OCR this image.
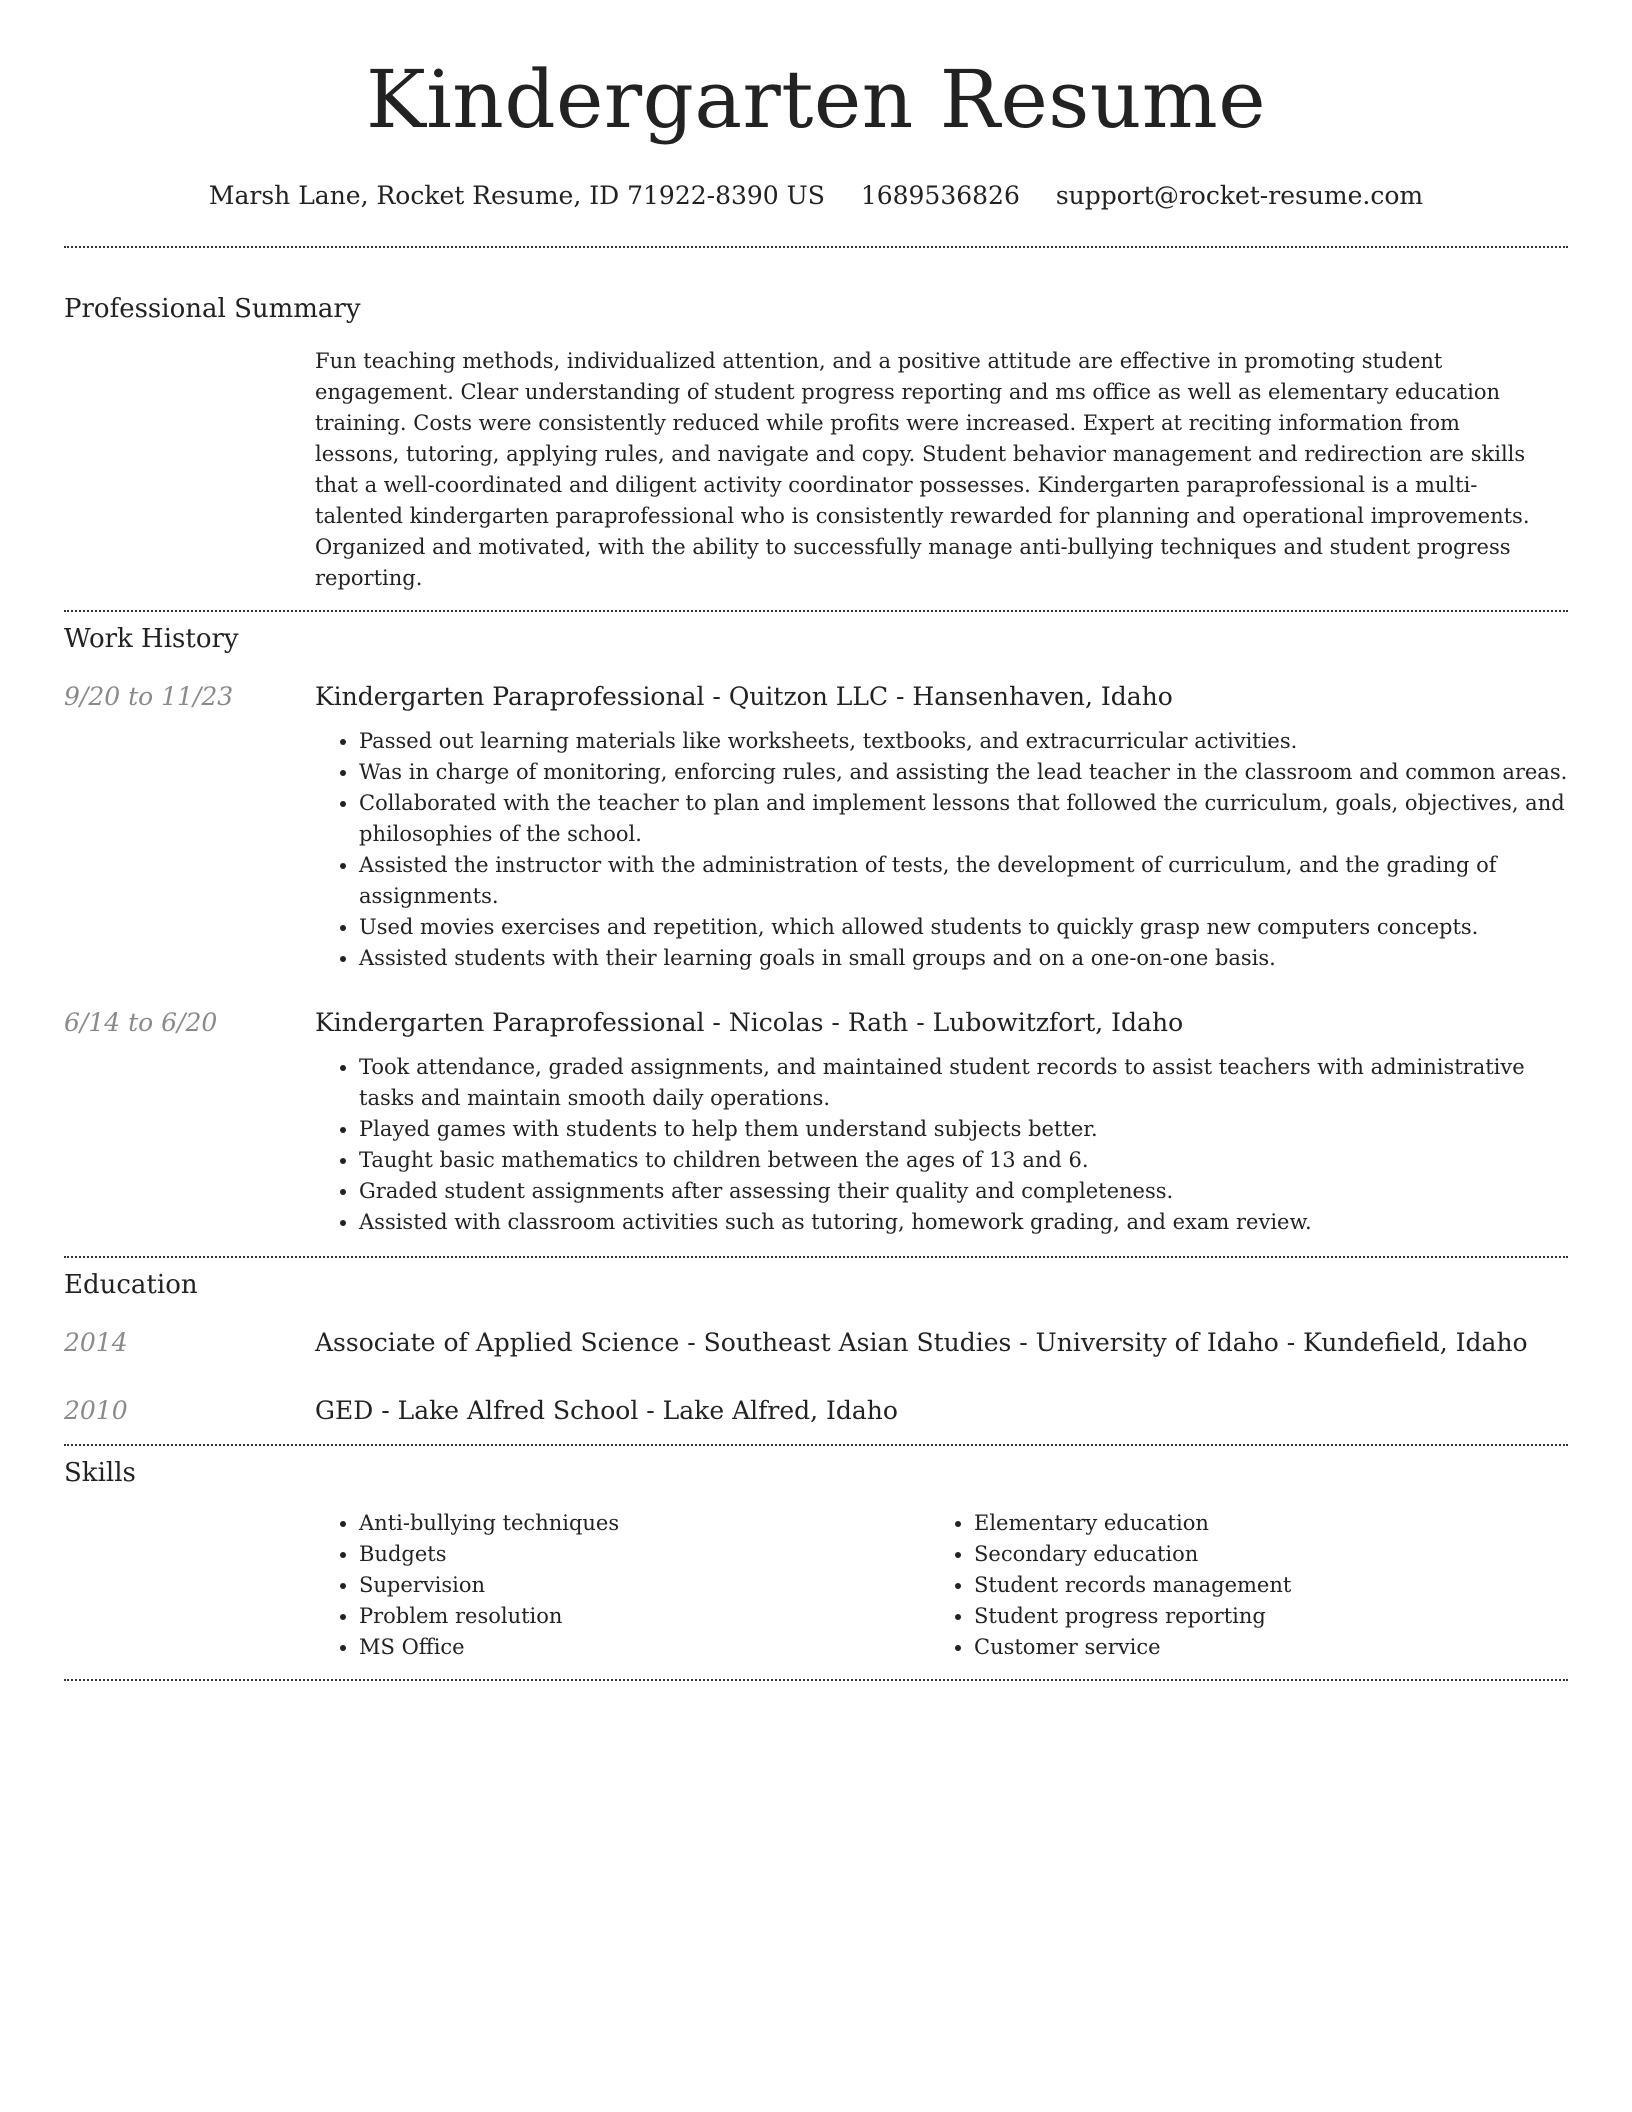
Kindergarten Resume
Marsh Lane, Rocket Resume, ID 71922-8390 US 1689536826 support@rocket-resume.com
Professional Summary

Fun teaching methods, individualized attention, and a positive attitude are effective in promoting student engagement. Clear understanding of student progress reporting and ms office as well as elementary education training. Costs were consistently reduced while profits were increased. Expert at reciting information from lessons, tutoring, applying rules, and navigate and copy. Student behavior management and redirection are skills that a well-coordinated and diligent activity coordinator possesses. Kindergarten paraprofessional is a multi-talented kindergarten paraprofessional who is consistently rewarded for planning and operational improvements. Organized and motivated, with the ability to successfully manage anti-bullying techniques and student progress reporting.

Work History
9/20 to 11/23	Kindergarten Paraprofessional - Quitzon LLC - Hansenhaven, Idaho

• Passed out learning materials like worksheets, textbooks, and extracurricular activities.
• Was in charge of monitoring, enforcing rules, and assisting the lead teacher in the classroom and common areas.
• Collaborated with the teacher to plan and implement lessons that followed the curriculum, goals, objectives, and philosophies of the school.
• Assisted the instructor with the administration of tests, the development of curriculum, and the grading of assignments.
• Used movies exercises and repetition, which allowed students to quickly grasp new computers concepts.
• Assisted students with their learning goals in small groups and on a one-on-one basis.
6/14 to 6/20	Kindergarten Paraprofessional - Nicolas - Rath - Lubowitzfort, Idaho

• Took attendance, graded assignments, and maintained student records to assist teachers with administrative tasks and maintain smooth daily operations.
• Played games with students to help them understand subjects better.
• Taught basic mathematics to children between the ages of 13 and 6.
• Graded student assignments after assessing their quality and completeness.
• Assisted with classroom activities such as tutoring, homework grading, and exam review.
Education
2014	Associate of Applied Science - Southeast Asian Studies - University of Idaho - Kundefield, Idaho

2010	GED - Lake Alfred School - Lake Alfred, Idaho

Skills
• Anti-bullying techniques
• Budgets
• Supervision
• Problem resolution
• MS Office
• Elementary education
• Secondary education
• Student records management
• Student progress reporting
• Customer service
